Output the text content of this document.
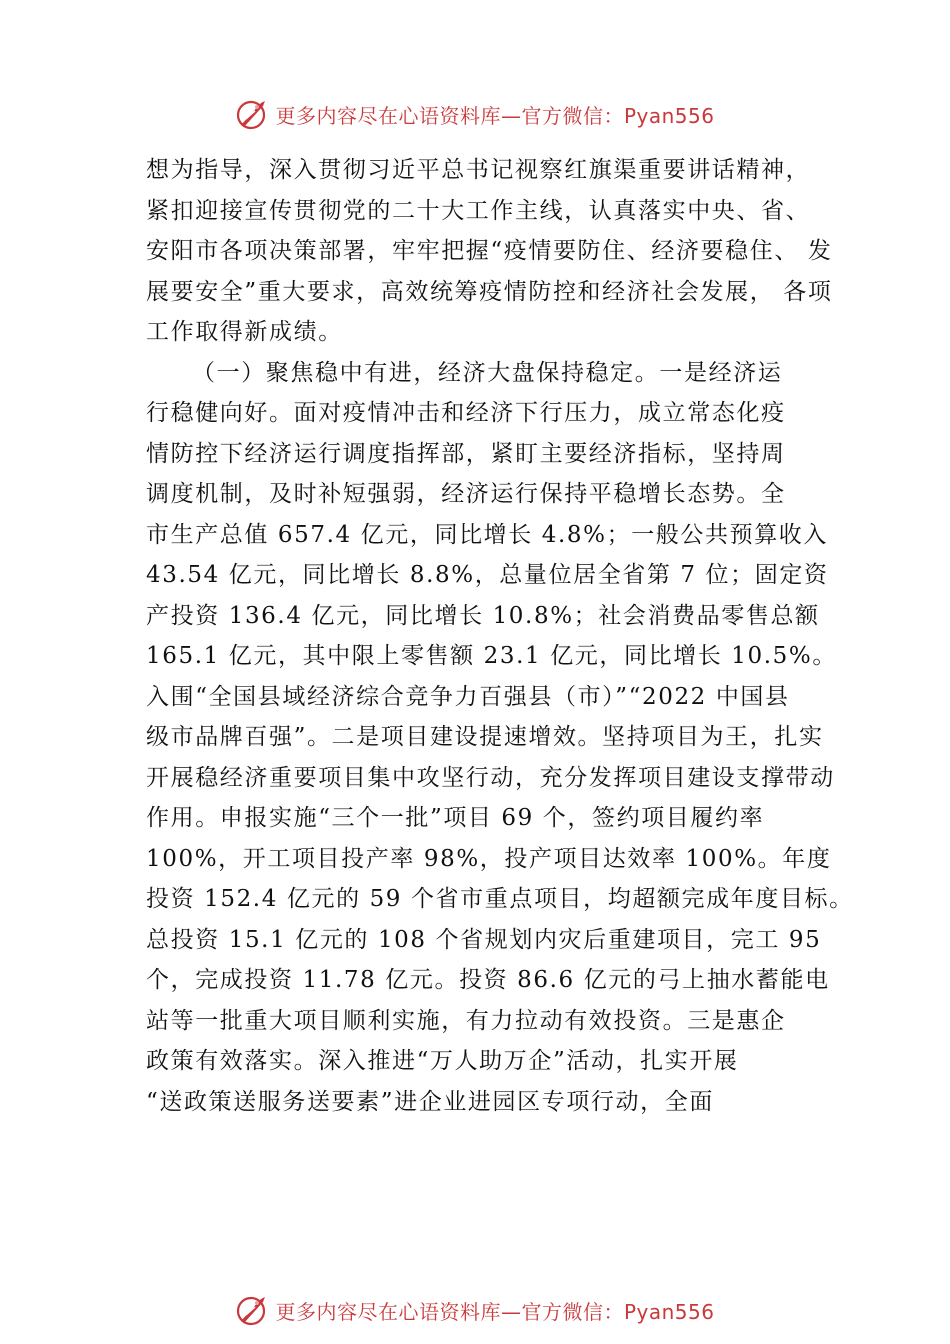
更多内容尽在心语资料库—官方微信：Pyan556
想为指导，深入贯彻习近平总书记视察红旗渠重要讲话精神，
紧扣迎接宣传贯彻党的二十大工作主线，认真落实中央、省、
安阳市各项决策部署，牢牢把握“疫情要防住、经济要稳住、 发
展要安全”重大要求，高效统筹疫情防控和经济社会发展， 各项
工作取得新成绩。
（一）聚焦稳中有进，经济大盘保持稳定。一是经济运
行稳健向好。面对疫情冲击和经济下行压力，成立常态化疫
情防控下经济运行调度指挥部，紧盯主要经济指标，坚持周
调度机制，及时补短强弱，经济运行保持平稳增长态势。全
市生产总值 657.4 亿元，同比增长 4.8%；一般公共预算收入
43.54 亿元，同比增长 8.8%，总量位居全省第 7 位；固定资
产投资 136.4 亿元，同比增长 10.8%；社会消费品零售总额
165.1 亿元，其中限上零售额 23.1 亿元，同比增长 10.5%。
入围“全国县域经济综合竞争力百强县（市）”“2022 中国县
级市品牌百强”。二是项目建设提速增效。坚持项目为王，扎实
开展稳经济重要项目集中攻坚行动，充分发挥项目建设支撑带动
作用。申报实施“三个一批”项目 69 个，签约项目履约率
100%，开工项目投产率 98%，投产项目达效率 100%。年度
投资 152.4 亿元的 59 个省市重点项目，均超额完成年度目标。
总投资 15.1 亿元的 108 个省规划内灾后重建项目，完工 95
个，完成投资 11.78 亿元。投资 86.6 亿元的弓上抽水蓄能电
站等一批重大项目顺利实施，有力拉动有效投资。三是惠企
政策有效落实。深入推进“万人助万企”活动，扎实开展
“送政策送服务送要素”进企业进园区专项行动，全面
更多内容尽在心语资料库—官方微信：Pyan556
